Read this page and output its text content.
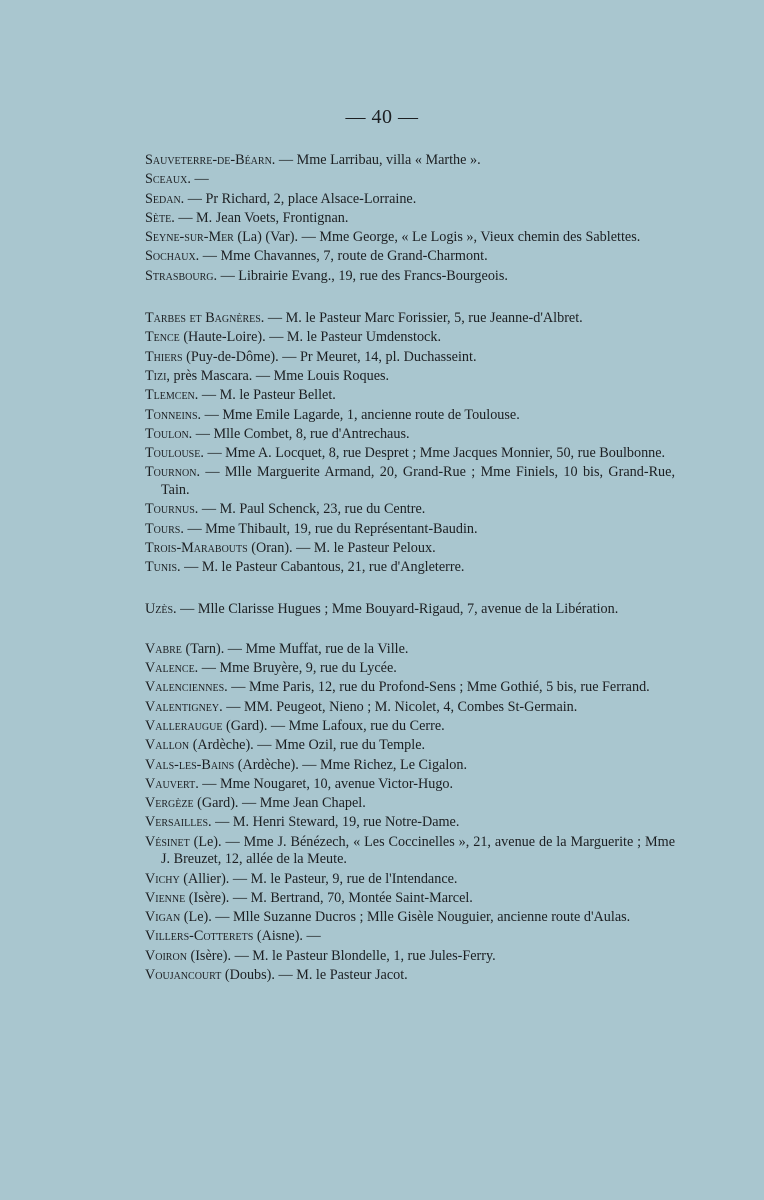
— 40 —
Sauveterre-de-Béarn. — Mme Larribau, villa « Marthe ».
Sceaux. —
Sedan. — Pr Richard, 2, place Alsace-Lorraine.
Sète. — M. Jean Voets, Frontignan.
Seyne-sur-Mer (La) (Var). — Mme George, « Le Logis », Vieux chemin des Sablettes.
Sochaux. — Mme Chavannes, 7, route de Grand-Charmont.
Strasbourg. — Librairie Evang., 19, rue des Francs-Bourgeois.
Tarbes et Bagnères. — M. le Pasteur Marc Forissier, 5, rue Jeanne-d'Albret.
Tence (Haute-Loire). — M. le Pasteur Umdenstock.
Thiers (Puy-de-Dôme). — Pr Meuret, 14, pl. Duchasseint.
Tizi, près Mascara. — Mme Louis Roques.
Tlemcen. — M. le Pasteur Bellet.
Tonneins. — Mme Emile Lagarde, 1, ancienne route de Toulouse.
Toulon. — Mlle Combet, 8, rue d'Antrechaus.
Toulouse. — Mme A. Locquet, 8, rue Despret ; Mme Jacques Monnier, 50, rue Boulbonne.
Tournon. — Mlle Marguerite Armand, 20, Grand-Rue ; Mme Finiels, 10 bis, Grand-Rue, Tain.
Tournus. — M. Paul Schenck, 23, rue du Centre.
Tours. — Mme Thibault, 19, rue du Représentant-Baudin.
Trois-Marabouts (Oran). — M. le Pasteur Peloux.
Tunis. — M. le Pasteur Cabantous, 21, rue d'Angleterre.
Uzès. — Mlle Clarisse Hugues ; Mme Bouyard-Rigaud, 7, avenue de la Libération.
Vabre (Tarn). — Mme Muffat, rue de la Ville.
Valence. — Mme Bruyère, 9, rue du Lycée.
Valenciennes. — Mme Paris, 12, rue du Profond-Sens ; Mme Gothié, 5 bis, rue Ferrand.
Valentigney. — MM. Peugeot, Nieno ; M. Nicolet, 4, Combes St-Germain.
Valleraugue (Gard). — Mme Lafoux, rue du Cerre.
Vallon (Ardèche). — Mme Ozil, rue du Temple.
Vals-les-Bains (Ardèche). — Mme Richez, Le Cigalon.
Vauvert. — Mme Nougaret, 10, avenue Victor-Hugo.
Vergèze (Gard). — Mme Jean Chapel.
Versailles. — M. Henri Steward, 19, rue Notre-Dame.
Vésinet (Le). — Mme J. Bénézech, « Les Coccinelles », 21, avenue de la Marguerite ; Mme J. Breuzet, 12, allée de la Meute.
Vichy (Allier). — M. le Pasteur, 9, rue de l'Intendance.
Vienne (Isère). — M. Bertrand, 70, Montée Saint-Marcel.
Vigan (Le). — Mlle Suzanne Ducros ; Mlle Gisèle Nouguier, ancienne route d'Aulas.
Villers-Cotterets (Aisne). —
Voiron (Isère). — M. le Pasteur Blondelle, 1, rue Jules-Ferry.
Voujancourt (Doubs). — M. le Pasteur Jacot.
